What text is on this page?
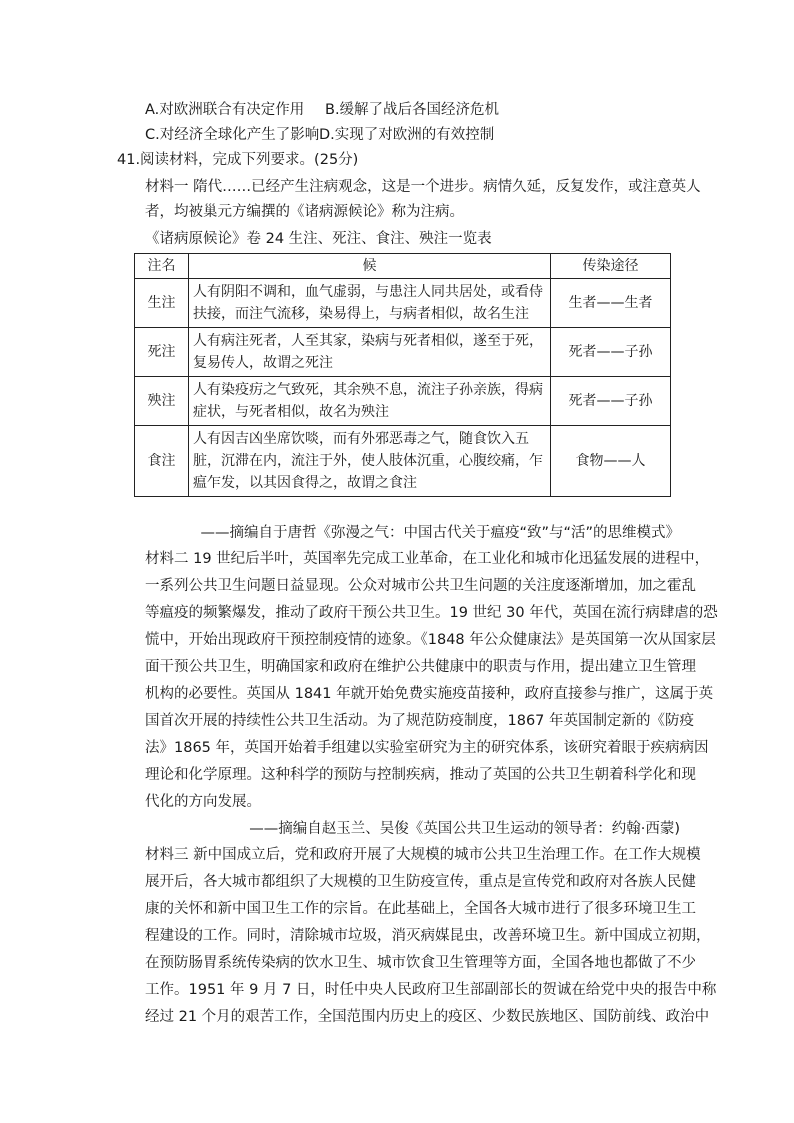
A.对欧洲联合有决定作用 B.缓解了战后各国经济危机
C.对经济全球化产生了影响 D.实现了对欧洲的有效控制
41.阅读材料，完成下列要求。(25分)
材料一 隋代……已经产生注病观念，这是一个进步。病情久延，反复发作，或注意英人
者，均被巢元方编撰的《诸病源候论》称为注病。
《诸病原候论》卷 24 生注、死注、食注、殃注一览表
注名	候	传染途径
生注	人有阴阳不调和，血气虚弱，与患注人同共居处，或看侍扶接，而注气流移，染易得上，与病者相似，故名生注	生者——生者
死注	人有病注死者，人至其家，染病与死者相似，遂至于死，复易传人，故谓之死注	死者——子孙
殃注	人有染疫疠之气致死，其余殃不息，流注子孙亲族，得病症状，与死者相似，故名为殃注	死者——子孙
食注	人有因吉凶坐席饮啖，而有外邪恶毒之气，随食饮入五脏，沉滞在内，流注于外，使人肢体沉重，心腹绞痛，乍瘟乍发，以其因食得之，故谓之食注	食物——人
——摘编自于唐哲《弥漫之气：中国古代关于瘟疫“致”与“活”的思维模式》
材料二 19 世纪后半叶，英国率先完成工业革命，在工业化和城市化迅猛发展的进程中，
一系列公共卫生问题日益显现。公众对城市公共卫生问题的关注度逐渐增加，加之霍乱
等瘟疫的频繁爆发，推动了政府干预公共卫生。19 世纪 30 年代，英国在流行病肆虐的恐
慌中，开始出现政府干预控制疫情的迹象。《1848 年公众健康法》是英国第一次从国家层
面干预公共卫生，明确国家和政府在维护公共健康中的职责与作用，提出建立卫生管理
机构的必要性。英国从 1841 年就开始免费实施疫苗接种，政府直接参与推广，这属于英
国首次开展的持续性公共卫生活动。为了规范防疫制度，1867 年英国制定新的《防疫
法》1865 年，英国开始着手组建以实验室研究为主的研究体系，该研究着眼于疾病病因
理论和化学原理。这种科学的预防与控制疾病，推动了英国的公共卫生朝着科学化和现
代化的方向发展。
——摘编自赵玉兰、吴俊《英国公共卫生运动的领导者：约翰·西蒙)
材料三 新中国成立后，党和政府开展了大规模的城市公共卫生治理工作。在工作大规模
展开后，各大城市都组织了大规模的卫生防疫宣传，重点是宣传党和政府对各族人民健
康的关怀和新中国卫生工作的宗旨。在此基础上，全国各大城市进行了很多环境卫生工
程建设的工作。同时，清除城市垃圾，消灭病媒昆虫，改善环境卫生。新中国成立初期，
在预防肠胃系统传染病的饮水卫生、城市饮食卫生管理等方面，全国各地也都做了不少
工作。1951 年 9 月 7 日，时任中央人民政府卫生部副部长的贺诚在给党中央的报告中称
经过 21 个月的艰苦工作，全国范围内历史上的疫区、少数民族地区、国防前线、政治中
